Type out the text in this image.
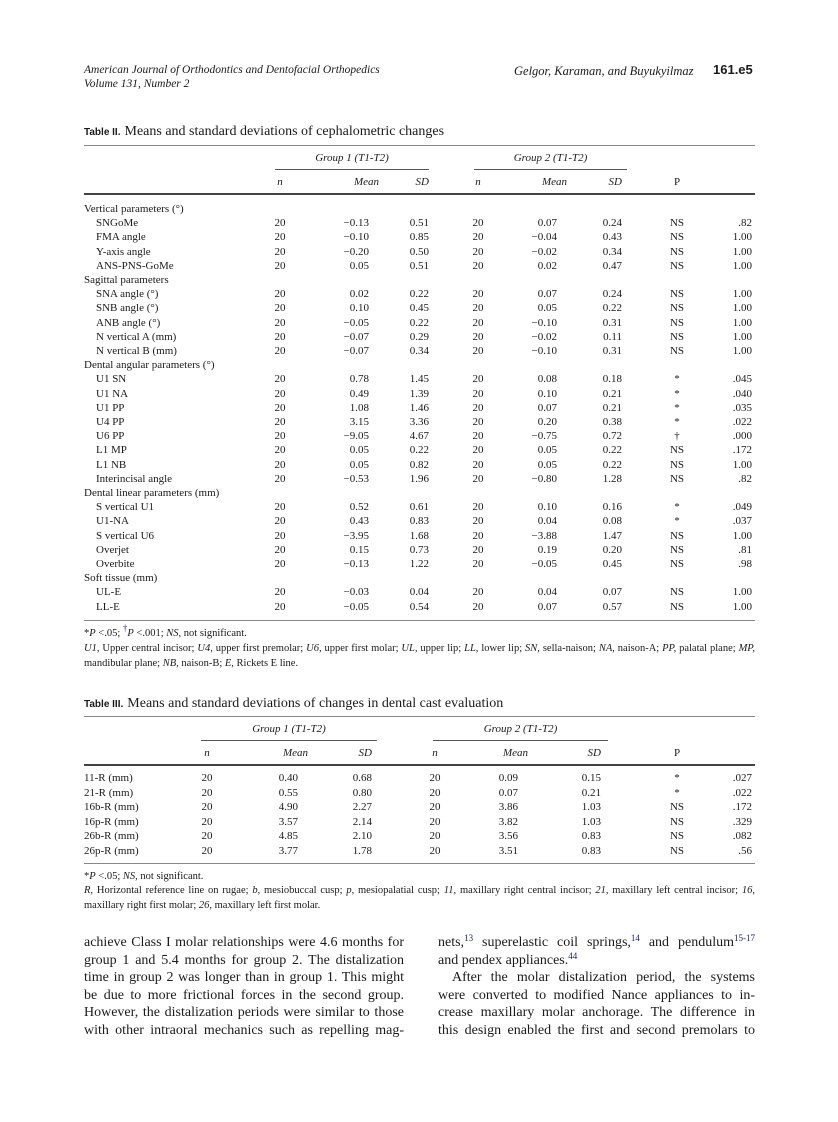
American Journal of Orthodontics and Dentofacial Orthopedics
Volume 131, Number 2
Gelgor, Karaman, and Buyukyilmaz 161.e5
Table II. Means and standard deviations of cephalometric changes
Group 1 (T1-T2)	Group 2 (T1-T2)
n	Mean	SD	n	Mean	SD	P
Vertical parameters (°)
SNGoMe	20	−0.13	0.51	20	0.07	0.24	NS	.82
FMA angle	20	−0.10	0.85	20	−0.04	0.43	NS	1.00
Y-axis angle	20	−0.20	0.50	20	−0.02	0.34	NS	1.00
ANS-PNS-GoMe	20	0.05	0.51	20	0.02	0.47	NS	1.00
Sagittal parameters
SNA angle (°)	20	0.02	0.22	20	0.07	0.24	NS	1.00
SNB angle (°)	20	0.10	0.45	20	0.05	0.22	NS	1.00
ANB angle (°)	20	−0.05	0.22	20	−0.10	0.31	NS	1.00
N vertical A (mm)	20	−0.07	0.29	20	−0.02	0.11	NS	1.00
N vertical B (mm)	20	−0.07	0.34	20	−0.10	0.31	NS	1.00
Dental angular parameters (°)
U1 SN	20	0.78	1.45	20	0.08	0.18	*	.045
U1 NA	20	0.49	1.39	20	0.10	0.21	*	.040
U1 PP	20	1.08	1.46	20	0.07	0.21	*	.035
U4 PP	20	3.15	3.36	20	0.20	0.38	*	.022
U6 PP	20	−9.05	4.67	20	−0.75	0.72	†	.000
L1 MP	20	0.05	0.22	20	0.05	0.22	NS	.172
L1 NB	20	0.05	0.82	20	0.05	0.22	NS	1.00
Interincisal angle	20	−0.53	1.96	20	−0.80	1.28	NS	.82
Dental linear parameters (mm)
S vertical U1	20	0.52	0.61	20	0.10	0.16	*	.049
U1-NA	20	0.43	0.83	20	0.04	0.08	*	.037
S vertical U6	20	−3.95	1.68	20	−3.88	1.47	NS	1.00
Overjet	20	0.15	0.73	20	0.19	0.20	NS	.81
Overbite	20	−0.13	1.22	20	−0.05	0.45	NS	.98
Soft tissue (mm)
UL-E	20	−0.03	0.04	20	0.04	0.07	NS	1.00
LL-E	20	−0.05	0.54	20	0.07	0.57	NS	1.00
*P <.05; †P <.001; NS, not significant.
U1, Upper central incisor; U4, upper first premolar; U6, upper first molar; UL, upper lip; LL, lower lip; SN, sella-naison; NA, naison-A; PP, palatal plane; MP, mandibular plane; NB, naison-B; E, Rickets E line.
Table III. Means and standard deviations of changes in dental cast evaluation
Group 1 (T1-T2)	Group 2 (T1-T2)
n	Mean	SD	n	Mean	SD	P
11-R (mm)	20	0.40	0.68	20	0.09	0.15	*	.027
21-R (mm)	20	0.55	0.80	20	0.07	0.21	*	.022
16b-R (mm)	20	4.90	2.27	20	3.86	1.03	NS	.172
16p-R (mm)	20	3.57	2.14	20	3.82	1.03	NS	.329
26b-R (mm)	20	4.85	2.10	20	3.56	0.83	NS	.082
26p-R (mm)	20	3.77	1.78	20	3.51	0.83	NS	.56
*P <.05; NS, not significant.
R, Horizontal reference line on rugae; b, mesiobuccal cusp; p, mesiopalatial cusp; 11, maxillary right central incisor; 21, maxillary left central incisor; 16, maxillary right first molar; 26, maxillary left first molar.
achieve Class I molar relationships were 4.6 months for
group 1 and 5.4 months for group 2. The distalization
time in group 2 was longer than in group 1. This might
be due to more frictional forces in the second group.
However, the distalization periods were similar to those
with other intraoral mechanics such as repelling mag-
nets,$^{13}$ superelastic coil springs,$^{14}$ and pendulum$^{15-17}$
and pendex appliances.$^{44}$
 After the molar distalization period, the systems
were converted to modified Nance appliances to in-
crease maxillary molar anchorage. The difference in
this design enabled the first and second premolars to
